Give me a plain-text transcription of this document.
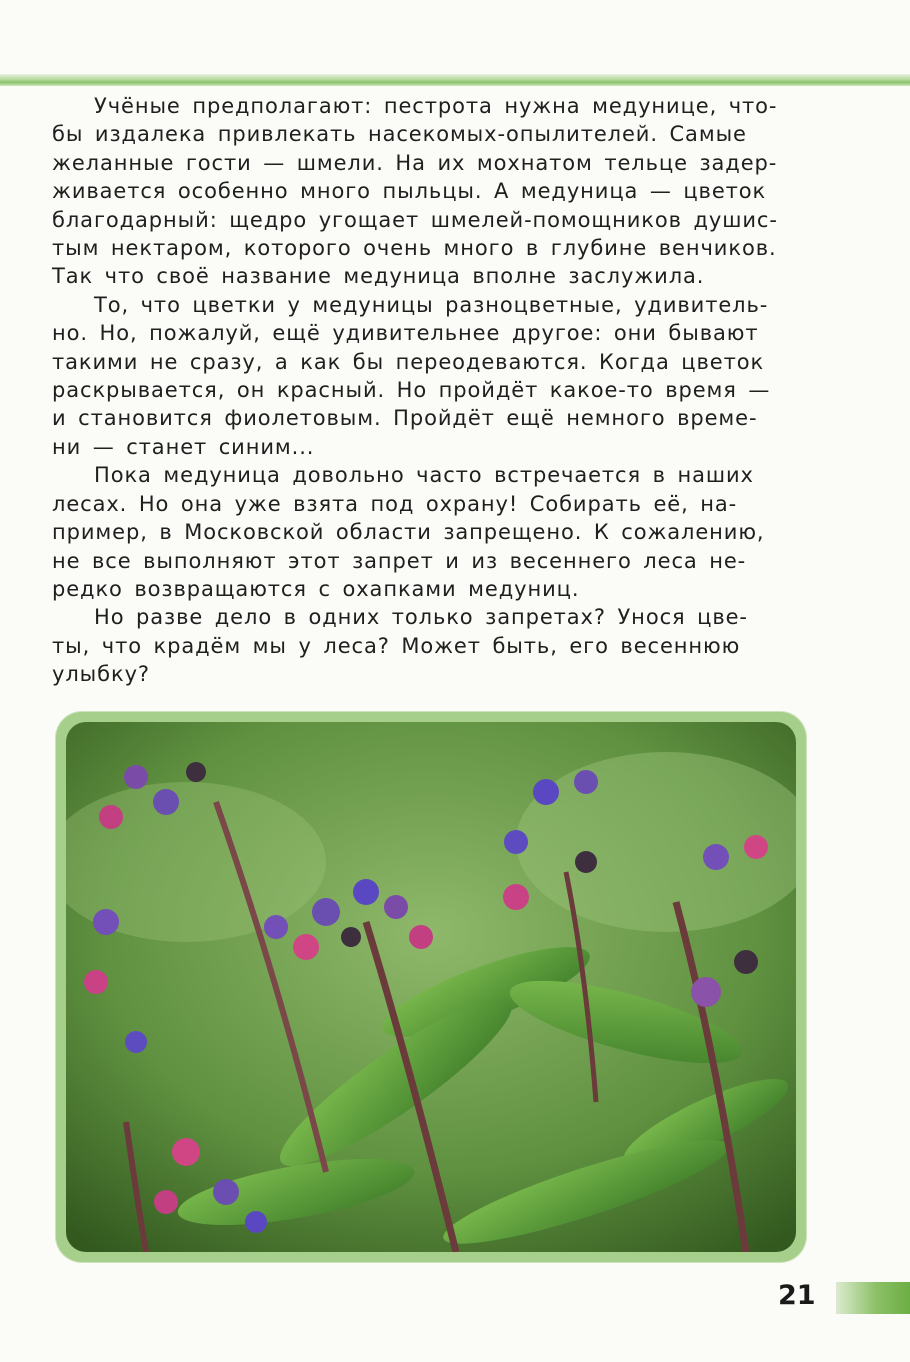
Учёные предполагают: пестрота нужна медунице, что-
бы издалека привлекать насекомых-опылителей. Самые
желанные гости — шмели. На их мохнатом тельце задер-
живается особенно много пыльцы. А медуница — цветок
благодарный: щедро угощает шмелей-помощников душис-
тым нектаром, которого очень много в глубине венчиков.
Так что своё название медуница вполне заслужила.

То, что цветки у медуницы разноцветные, удивитель-
но. Но, пожалуй, ещё удивительнее другое: они бывают
такими не сразу, а как бы переодеваются. Когда цветок
раскрывается, он красный. Но пройдёт какое-то время —
и становится фиолетовым. Пройдёт ещё немного време-
ни — станет синим...

Пока медуница довольно часто встречается в наших
лесах. Но она уже взята под охрану! Собирать её, на-
пример, в Московской области запрещено. К сожалению,
не все выполняют этот запрет и из весеннего леса не-
редко возвращаются с охапками медуниц.

Но разве дело в одних только запретах? Унося цве-
ты, что крадём мы у леса? Может быть, его весеннюю
улыбку?

21
